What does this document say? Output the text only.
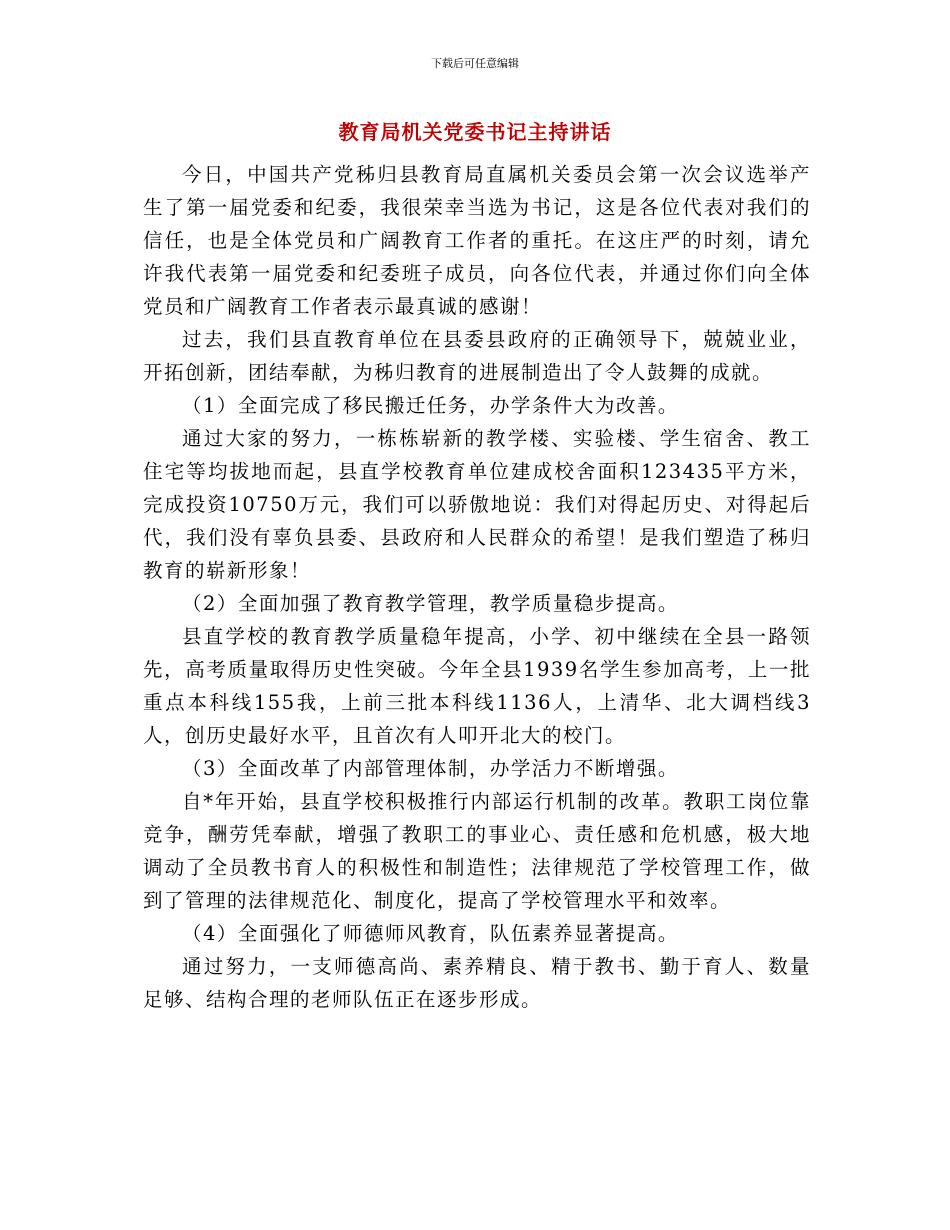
下载后可任意编辑
教育局机关党委书记主持讲话

今日，中国共产党秭归县教育局直属机关委员会第一次会议选举产生了第一届党委和纪委，我很荣幸当选为书记，这是各位代表对我们的信任，也是全体党员和广阔教育工作者的重托。在这庄严的时刻，请允许我代表第一届党委和纪委班子成员，向各位代表，并通过你们向全体党员和广阔教育工作者表示最真诚的感谢！

过去，我们县直教育单位在县委县政府的正确领导下，兢兢业业，开拓创新，团结奉献，为秭归教育的进展制造出了令人鼓舞的成就。

（1）全面完成了移民搬迁任务，办学条件大为改善。

通过大家的努力，一栋栋崭新的教学楼、实验楼、学生宿舍、教工住宅等均拔地而起，县直学校教育单位建成校舍面积123435平方米，完成投资10750万元，我们可以骄傲地说：我们对得起历史、对得起后代，我们没有辜负县委、县政府和人民群众的希望！是我们塑造了秭归教育的崭新形象！

（2）全面加强了教育教学管理，教学质量稳步提高。

县直学校的教育教学质量稳年提高，小学、初中继续在全县一路领先，高考质量取得历史性突破。今年全县1939名学生参加高考，上一批重点本科线155我，上前三批本科线1136人，上清华、北大调档线3人，创历史最好水平，且首次有人叩开北大的校门。

（3）全面改革了内部管理体制，办学活力不断增强。

自*年开始，县直学校积极推行内部运行机制的改革。教职工岗位靠竞争，酬劳凭奉献，增强了教职工的事业心、责任感和危机感，极大地调动了全员教书育人的积极性和制造性；法律规范了学校管理工作，做到了管理的法律规范化、制度化，提高了学校管理水平和效率。

（4）全面强化了师德师风教育，队伍素养显著提高。

通过努力，一支师德高尚、素养精良、精于教书、勤于育人、数量足够、结构合理的老师队伍正在逐步形成。
